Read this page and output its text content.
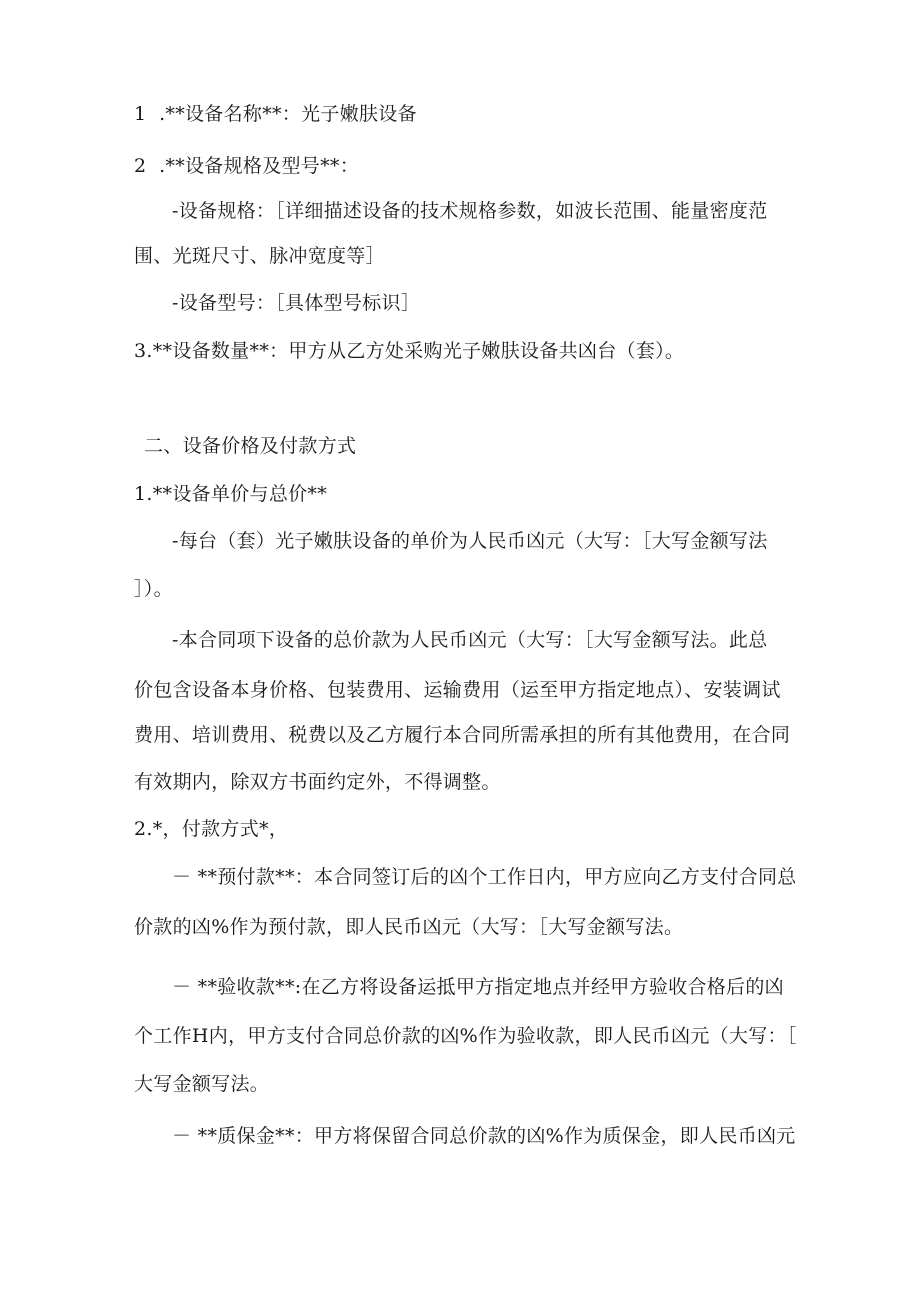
1  .**设备名称**：光子嫩肤设备
2  .**设备规格及型号**：
-设备规格：［详细描述设备的技术规格参数，如波长范围、能量密度范
围、光斑尺寸、脉冲宽度等］
-设备型号：［具体型号标识］
3.**设备数量**：甲方从乙方处采购光子嫩肤设备共凶台（套）。
二、设备价格及付款方式
1.**设备单价与总价**
-每台（套）光子嫩肤设备的单价为人民币凶元（大写：［大写金额写法
］）。
-本合同项下设备的总价款为人民币凶元（大写：［大写金额写法。此总
价包含设备本身价格、包装费用、运输费用（运至甲方指定地点）、安装调试
费用、培训费用、税费以及乙方履行本合同所需承担的所有其他费用，在合同
有效期内，除双方书面约定外，不得调整。
2.*，付款方式*，
－ **预付款**：本合同签订后的凶个工作日内，甲方应向乙方支付合同总
价款的凶%作为预付款，即人民币凶元（大写：［大写金额写法。
－ **验收款**:在乙方将设备运抵甲方指定地点并经甲方验收合格后的凶
个工作H内，甲方支付合同总价款的凶%作为验收款，即人民币凶元（大写：［
大写金额写法。
－ **质保金**：甲方将保留合同总价款的凶%作为质保金，即人民币凶元
